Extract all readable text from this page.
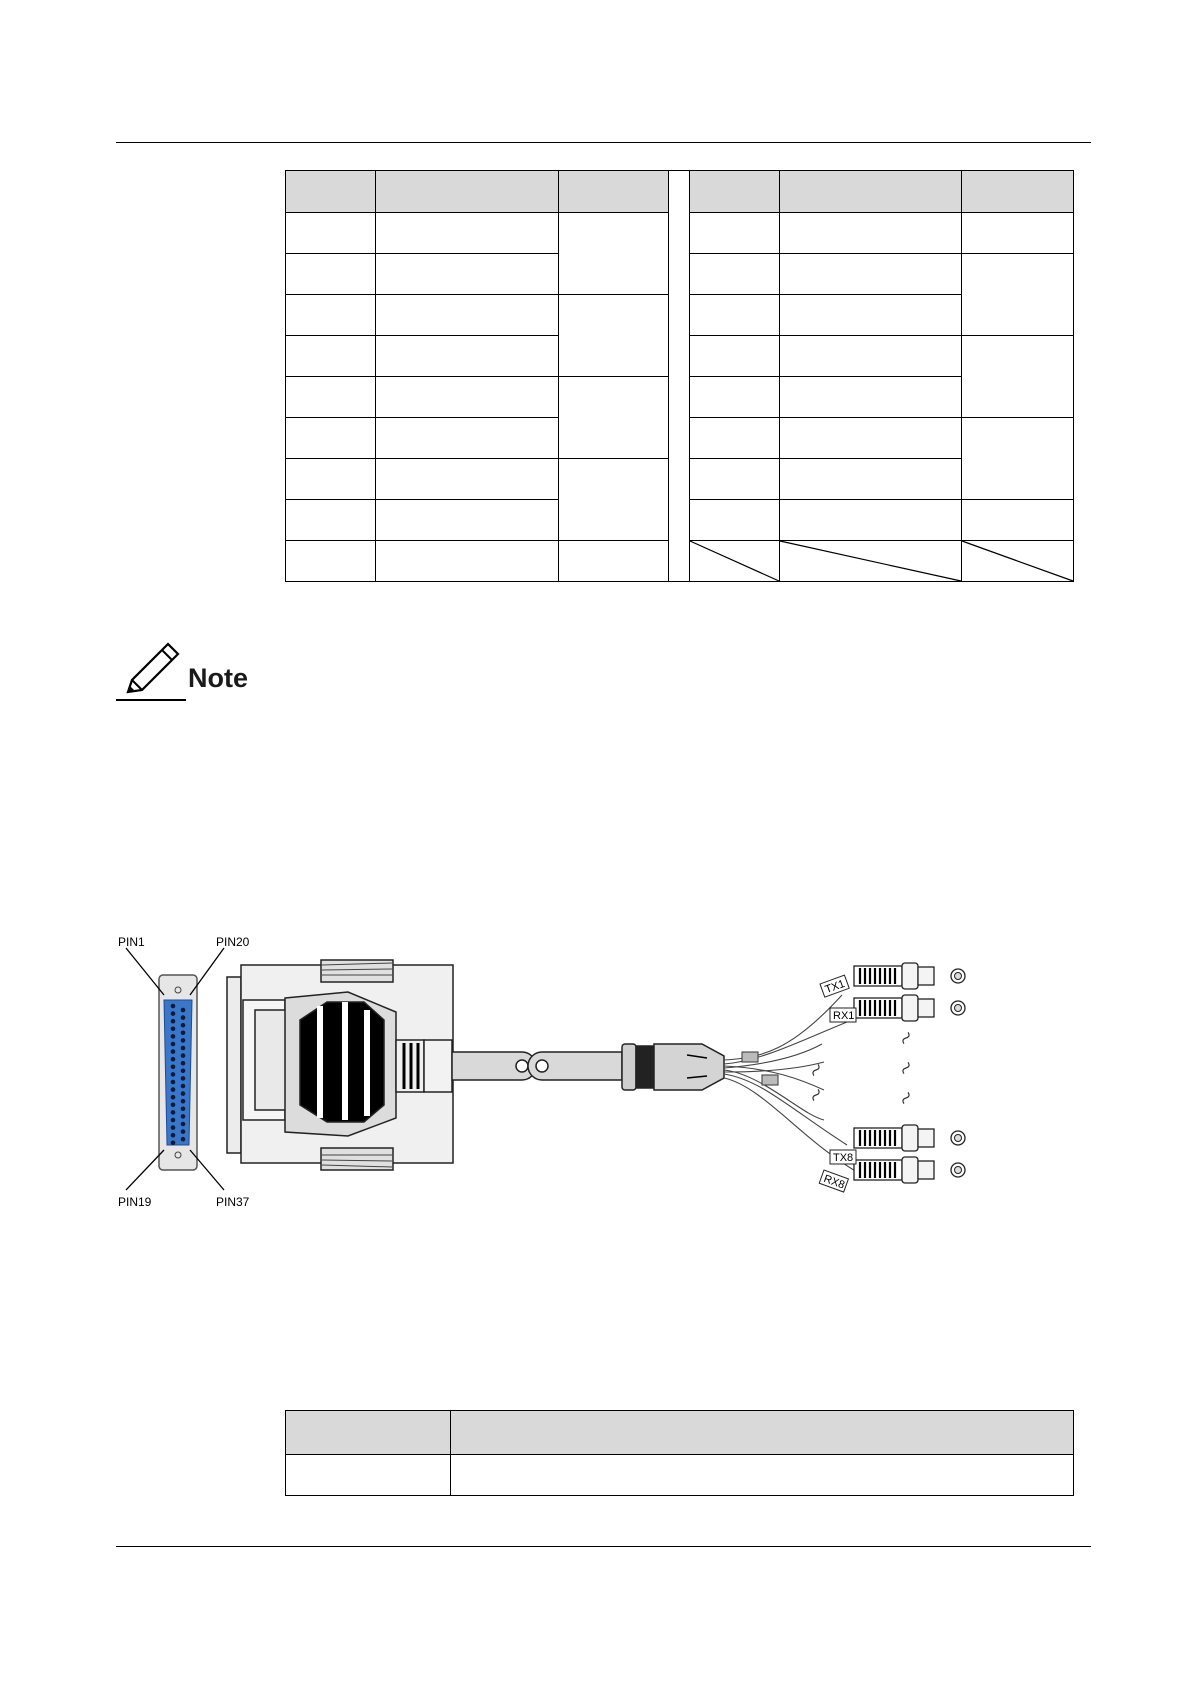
Note
PIN1	PIN20
PIN19	PIN37
TX1
RX1
TX8
RX8
